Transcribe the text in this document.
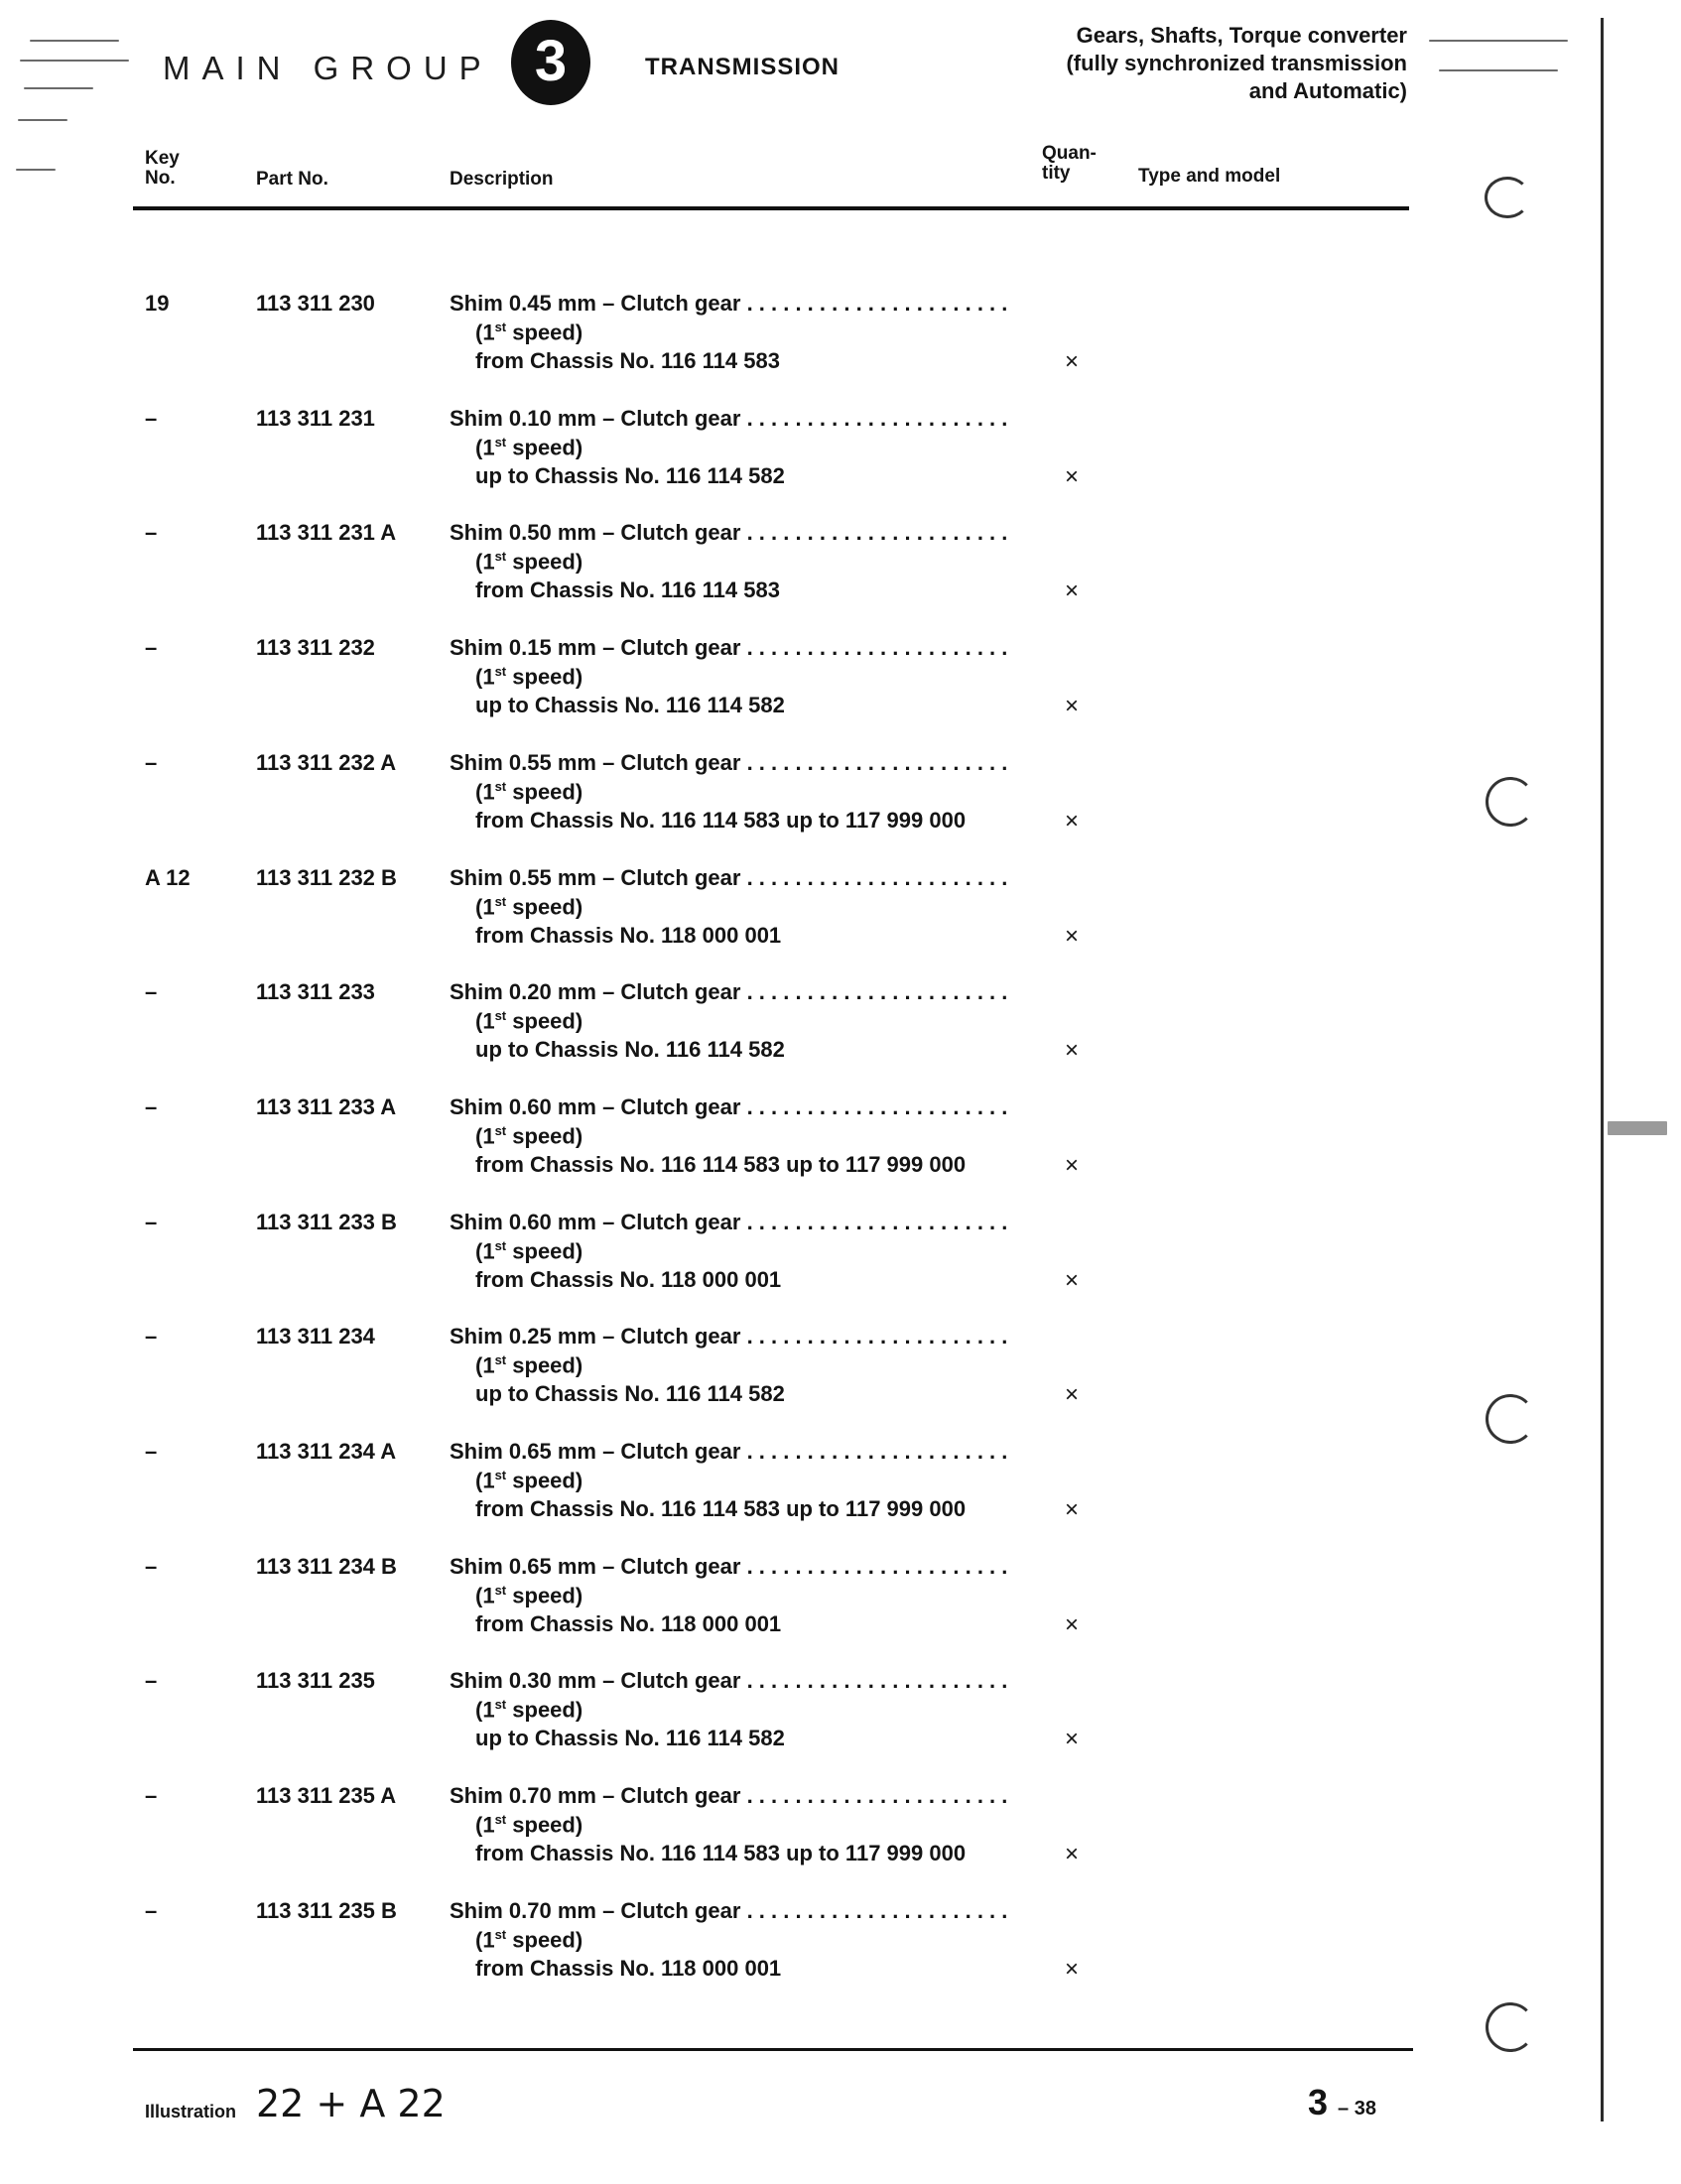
MAIN GROUP 3	TRANSMISSION
Gears, Shafts, Torque converter
(fully synchronized transmission
and Automatic)
Key
No.	Part No.	Description
Quan-
tity	Type and model
19	113 311 230	Shim 0.45 mm – Clutch gear . . . . . . . . . . . . . . . . . . . . . .
(1st speed)
from Chassis No. 116 114 583	×
–	113 311 231	Shim 0.10 mm – Clutch gear . . . . . . . . . . . . . . . . . . . . . .
(1st speed)
up to Chassis No. 116 114 582	×
–	113 311 231 A Shim 0.50 mm – Clutch gear . . . . . . . . . . . . . . . . . . . . . .
(1st speed)
from Chassis No. 116 114 583	×
–	113 311 232	Shim 0.15 mm – Clutch gear . . . . . . . . . . . . . . . . . . . . . .
(1st speed)
up to Chassis No. 116 114 582	×
–	113 311 232 A Shim 0.55 mm – Clutch gear . . . . . . . . . . . . . . . . . . . . . .
(1st speed)
from Chassis No. 116 114 583 up to 117 999 000	×
A 12	113 311 232 B Shim 0.55 mm – Clutch gear . . . . . . . . . . . . . . . . . . . . . .
(1st speed)
from Chassis No. 118 000 001	×
–	113 311 233	Shim 0.20 mm – Clutch gear . . . . . . . . . . . . . . . . . . . . . .
(1st speed)
up to Chassis No. 116 114 582	×
–	113 311 233 A Shim 0.60 mm – Clutch gear . . . . . . . . . . . . . . . . . . . . . .
(1st speed)
from Chassis No. 116 114 583 up to 117 999 000	×
–	113 311 233 B Shim 0.60 mm – Clutch gear . . . . . . . . . . . . . . . . . . . . . .
(1st speed)
from Chassis No. 118 000 001	×
–	113 311 234	Shim 0.25 mm – Clutch gear . . . . . . . . . . . . . . . . . . . . . .
(1st speed)
up to Chassis No. 116 114 582	×
–	113 311 234 A Shim 0.65 mm – Clutch gear . . . . . . . . . . . . . . . . . . . . . .
(1st speed)
from Chassis No. 116 114 583 up to 117 999 000	×
–	113 311 234 B Shim 0.65 mm – Clutch gear . . . . . . . . . . . . . . . . . . . . . .
(1st speed)
from Chassis No. 118 000 001	×
–	113 311 235	Shim 0.30 mm – Clutch gear . . . . . . . . . . . . . . . . . . . . . .
(1st speed)
up to Chassis No. 116 114 582	×
–	113 311 235 A Shim 0.70 mm – Clutch gear . . . . . . . . . . . . . . . . . . . . . .
(1st speed)
from Chassis No. 116 114 583 up to 117 999 000	×
–	113 311 235 B Shim 0.70 mm – Clutch gear . . . . . . . . . . . . . . . . . . . . . .
(1st speed)
from Chassis No. 118 000 001	×
Illustration 22 + A 22	3 – 38
